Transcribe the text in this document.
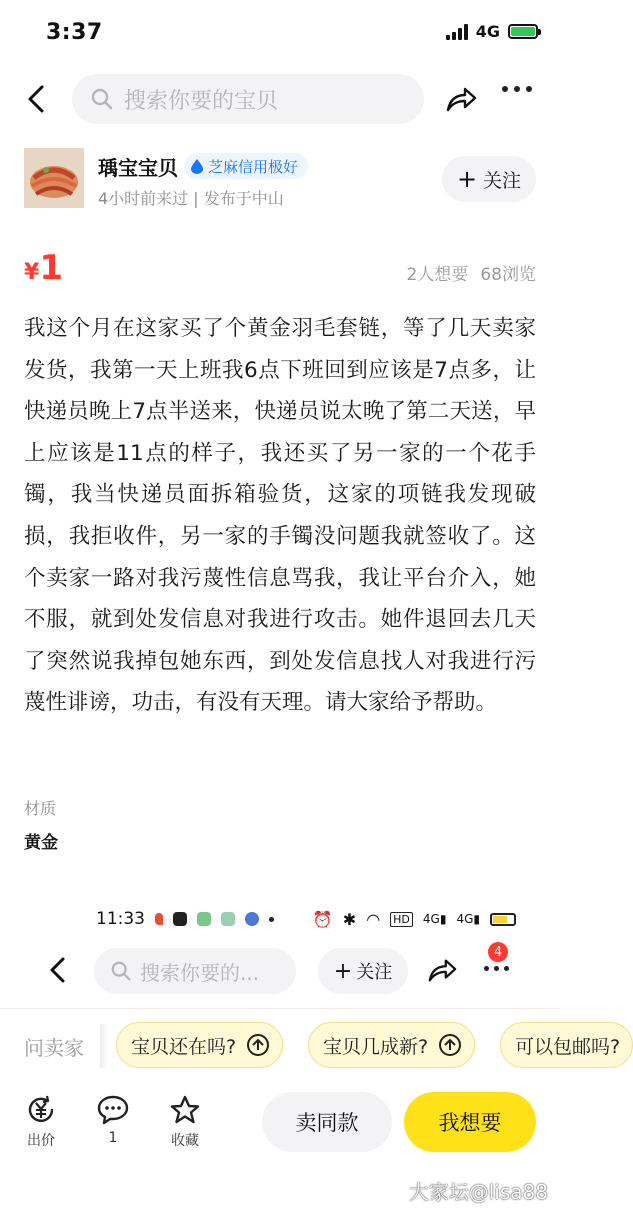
3:37	4G
搜索你要的宝贝
瑀宝宝贝 芝麻信用极好
4小时前来过 | 发布于中山
+ 关注
¥1	2人想要 68浏览
我这个月在这家买了个黄金羽毛套链，等了几天卖家发货，我第一天上班我6点下班回到应该是7点多，让快递员晚上7点半送来，快递员说太晚了第二天送，早上应该是11点的样子，我还买了另一家的一个花手镯，我当快递员面拆箱验货，这家的项链我发现破损，我拒收件，另一家的手镯没问题我就签收了。这个卖家一路对我污蔑性信息骂我，我让平台介入，她不服，就到处发信息对我进行攻击。她件退回去几天了突然说我掉包她东西，到处发信息找人对我进行污蔑性诽谤，功击，有没有天理。请大家给予帮助。
材质
黄金
11:33	⏰ ✱ ◠ HD 4G▮ 4G▮
搜索你要的...	+ 关注
4
问卖家 宝贝还在吗?	宝贝几成新?	可以包邮吗?
出价	1	收藏
卖同款	我想要
大家坛@lisa88
